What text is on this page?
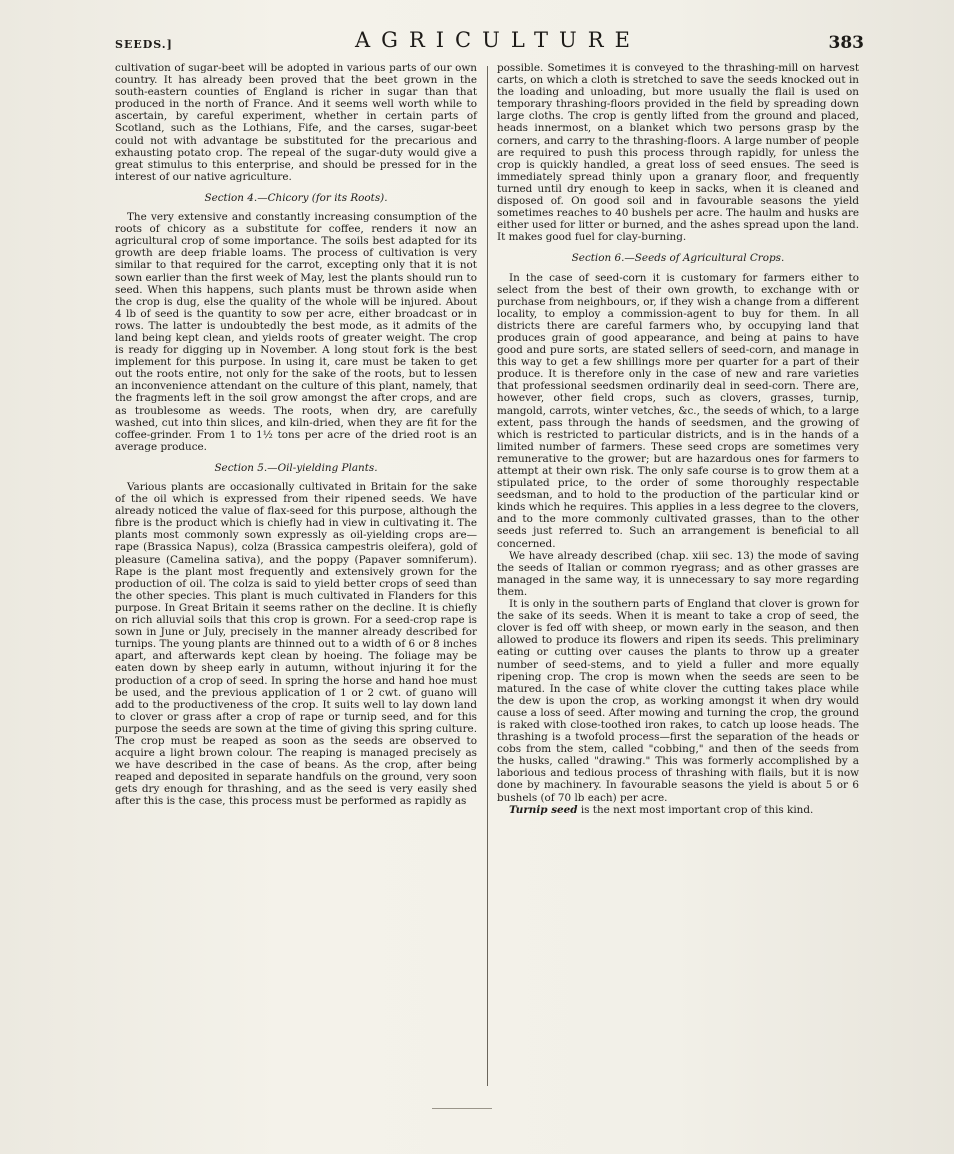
SEEDS.]	AGRICULTURE	383

cultivation of sugar-beet will be adopted in various parts of our own country. It has already been proved that the beet grown in the south-eastern counties of England is richer in sugar than that produced in the north of France. And it seems well worth while to ascertain, by careful experiment, whether in certain parts of Scotland, such as the Lothians, Fife, and the carses, sugar-beet could not with advantage be substituted for the precarious and exhausting potato crop. The repeal of the sugar-duty would give a great stimulus to this enterprise, and should be pressed for in the interest of our native agriculture.

Section 4.—Chicory (for its Roots).

The very extensive and constantly increasing consumption of the roots of chicory as a substitute for coffee, renders it now an agricultural crop of some importance. The soils best adapted for its growth are deep friable loams. The process of cultivation is very similar to that required for the carrot, excepting only that it is not sown earlier than the first week of May, lest the plants should run to seed. When this happens, such plants must be thrown aside when the crop is dug, else the quality of the whole will be injured. About 4 lb of seed is the quantity to sow per acre, either broadcast or in rows. The latter is undoubtedly the best mode, as it admits of the land being kept clean, and yields roots of greater weight. The crop is ready for digging up in November. A long stout fork is the best implement for this purpose. In using it, care must be taken to get out the roots entire, not only for the sake of the roots, but to lessen an inconvenience attendant on the culture of this plant, namely, that the fragments left in the soil grow amongst the after crops, and are as troublesome as weeds. The roots, when dry, are carefully washed, cut into thin slices, and kiln-dried, when they are fit for the coffee-grinder. From 1 to 1½ tons per acre of the dried root is an average produce.

Section 5.—Oil-yielding Plants.

Various plants are occasionally cultivated in Britain for the sake of the oil which is expressed from their ripened seeds. We have already noticed the value of flax-seed for this purpose, although the fibre is the product which is chiefly had in view in cultivating it. The plants most commonly sown expressly as oil-yielding crops are—rape (Brassica Napus), colza (Brassica campestris oleifera), gold of pleasure (Camelina sativa), and the poppy (Papaver somniferum). Rape is the plant most frequently and extensively grown for the production of oil. The colza is said to yield better crops of seed than the other species. This plant is much cultivated in Flanders for this purpose. In Great Britain it seems rather on the decline. It is chiefly on rich alluvial soils that this crop is grown. For a seed-crop rape is sown in June or July, precisely in the manner already described for turnips. The young plants are thinned out to a width of 6 or 8 inches apart, and afterwards kept clean by hoeing. The foliage may be eaten down by sheep early in autumn, without injuring it for the production of a crop of seed. In spring the horse and hand hoe must be used, and the previous application of 1 or 2 cwt. of guano will add to the productiveness of the crop. It suits well to lay down land to clover or grass after a crop of rape or turnip seed, and for this purpose the seeds are sown at the time of giving this spring culture. The crop must be reaped as soon as the seeds are observed to acquire a light brown colour. The reaping is managed precisely as we have described in the case of beans. As the crop, after being reaped and deposited in separate handfuls on the ground, very soon gets dry enough for thrashing, and as the seed is very easily shed after this is the case, this process must be performed as rapidly as

possible. Sometimes it is conveyed to the thrashing-mill on harvest carts, on which a cloth is stretched to save the seeds knocked out in the loading and unloading, but more usually the flail is used on temporary thrashing-floors provided in the field by spreading down large cloths. The crop is gently lifted from the ground and placed, heads innermost, on a blanket which two persons grasp by the corners, and carry to the thrashing-floors. A large number of people are required to push this process through rapidly, for unless the crop is quickly handled, a great loss of seed ensues. The seed is immediately spread thinly upon a granary floor, and frequently turned until dry enough to keep in sacks, when it is cleaned and disposed of. On good soil and in favourable seasons the yield sometimes reaches to 40 bushels per acre. The haulm and husks are either used for litter or burned, and the ashes spread upon the land. It makes good fuel for clay-burning.

Section 6.—Seeds of Agricultural Crops.

In the case of seed-corn it is customary for farmers either to select from the best of their own growth, to exchange with or purchase from neighbours, or, if they wish a change from a different locality, to employ a commission-agent to buy for them. In all districts there are careful farmers who, by occupying land that produces grain of good appearance, and being at pains to have good and pure sorts, are stated sellers of seed-corn, and manage in this way to get a few shillings more per quarter for a part of their produce. It is therefore only in the case of new and rare varieties that professional seedsmen ordinarily deal in seed-corn. There are, however, other field crops, such as clovers, grasses, turnip, mangold, carrots, winter vetches, &c., the seeds of which, to a large extent, pass through the hands of seedsmen, and the growing of which is restricted to particular districts, and is in the hands of a limited number of farmers. These seed crops are sometimes very remunerative to the grower; but are hazardous ones for farmers to attempt at their own risk. The only safe course is to grow them at a stipulated price, to the order of some thoroughly respectable seedsman, and to hold to the production of the particular kind or kinds which he requires. This applies in a less degree to the clovers, and to the more commonly cultivated grasses, than to the other seeds just referred to. Such an arrangement is beneficial to all concerned.

We have already described (chap. xiii sec. 13) the mode of saving the seeds of Italian or common ryegrass; and as other grasses are managed in the same way, it is unnecessary to say more regarding them.

It is only in the southern parts of England that clover is grown for the sake of its seeds. When it is meant to take a crop of seed, the clover is fed off with sheep, or mown early in the season, and then allowed to produce its flowers and ripen its seeds. This preliminary eating or cutting over causes the plants to throw up a greater number of seed-stems, and to yield a fuller and more equally ripening crop. The crop is mown when the seeds are seen to be matured. In the case of white clover the cutting takes place while the dew is upon the crop, as working amongst it when dry would cause a loss of seed. After mowing and turning the crop, the ground is raked with close-toothed iron rakes, to catch up loose heads. The thrashing is a twofold process—first the separation of the heads or cobs from the stem, called "cobbing," and then of the seeds from the husks, called "drawing." This was formerly accomplished by a laborious and tedious process of thrashing with flails, but it is now done by machinery. In favourable seasons the yield is about 5 or 6 bushels (of 70 lb each) per acre.

Turnip seed is the next most important crop of this kind.
